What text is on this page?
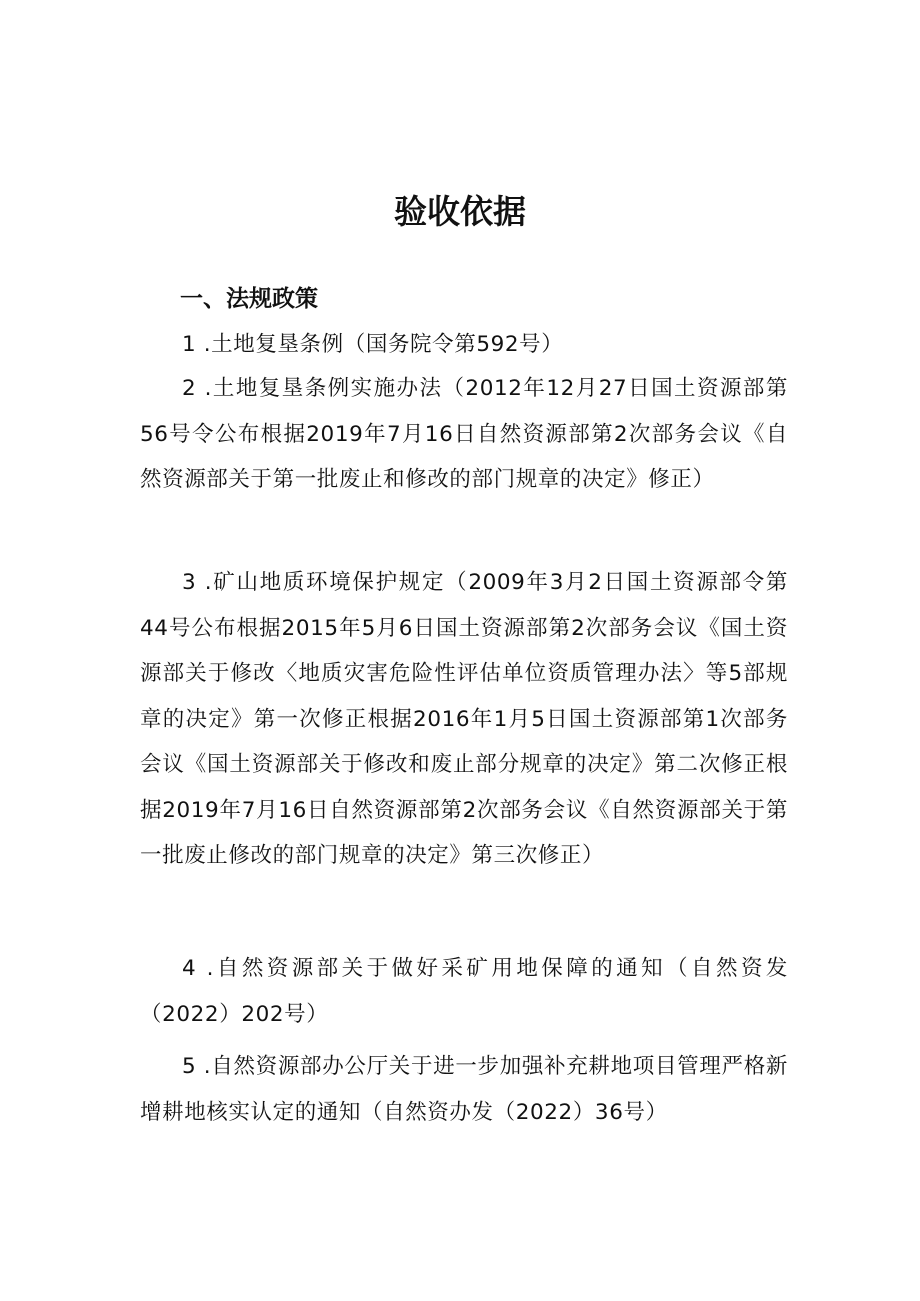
验收依据
一、法规政策

1 .土地复垦条例（国务院令第592号）

2 .土地复垦条例实施办法（2012年12月27日国土资源部第56号令公布根据2019年7月16日自然资源部第2次部务会议《自然资源部关于第一批废止和修改的部门规章的决定》修正）

3 .矿山地质环境保护规定（2009年3月2日国土资源部令第44号公布根据2015年5月6日国土资源部第2次部务会议《国土资源部关于修改〈地质灾害危险性评估单位资质管理办法〉等5部规章的决定》第一次修正根据2016年1月5日国土资源部第1次部务会议《国土资源部关于修改和废止部分规章的决定》第二次修正根据2019年7月16日自然资源部第2次部务会议《自然资源部关于第一批废止修改的部门规章的决定》第三次修正）

4 .自然资源部关于做好采矿用地保障的通知（自然资发（2022）202号）

5 .自然资源部办公厅关于进一步加强补充耕地项目管理严格新增耕地核实认定的通知（自然资办发（2022）36号）
